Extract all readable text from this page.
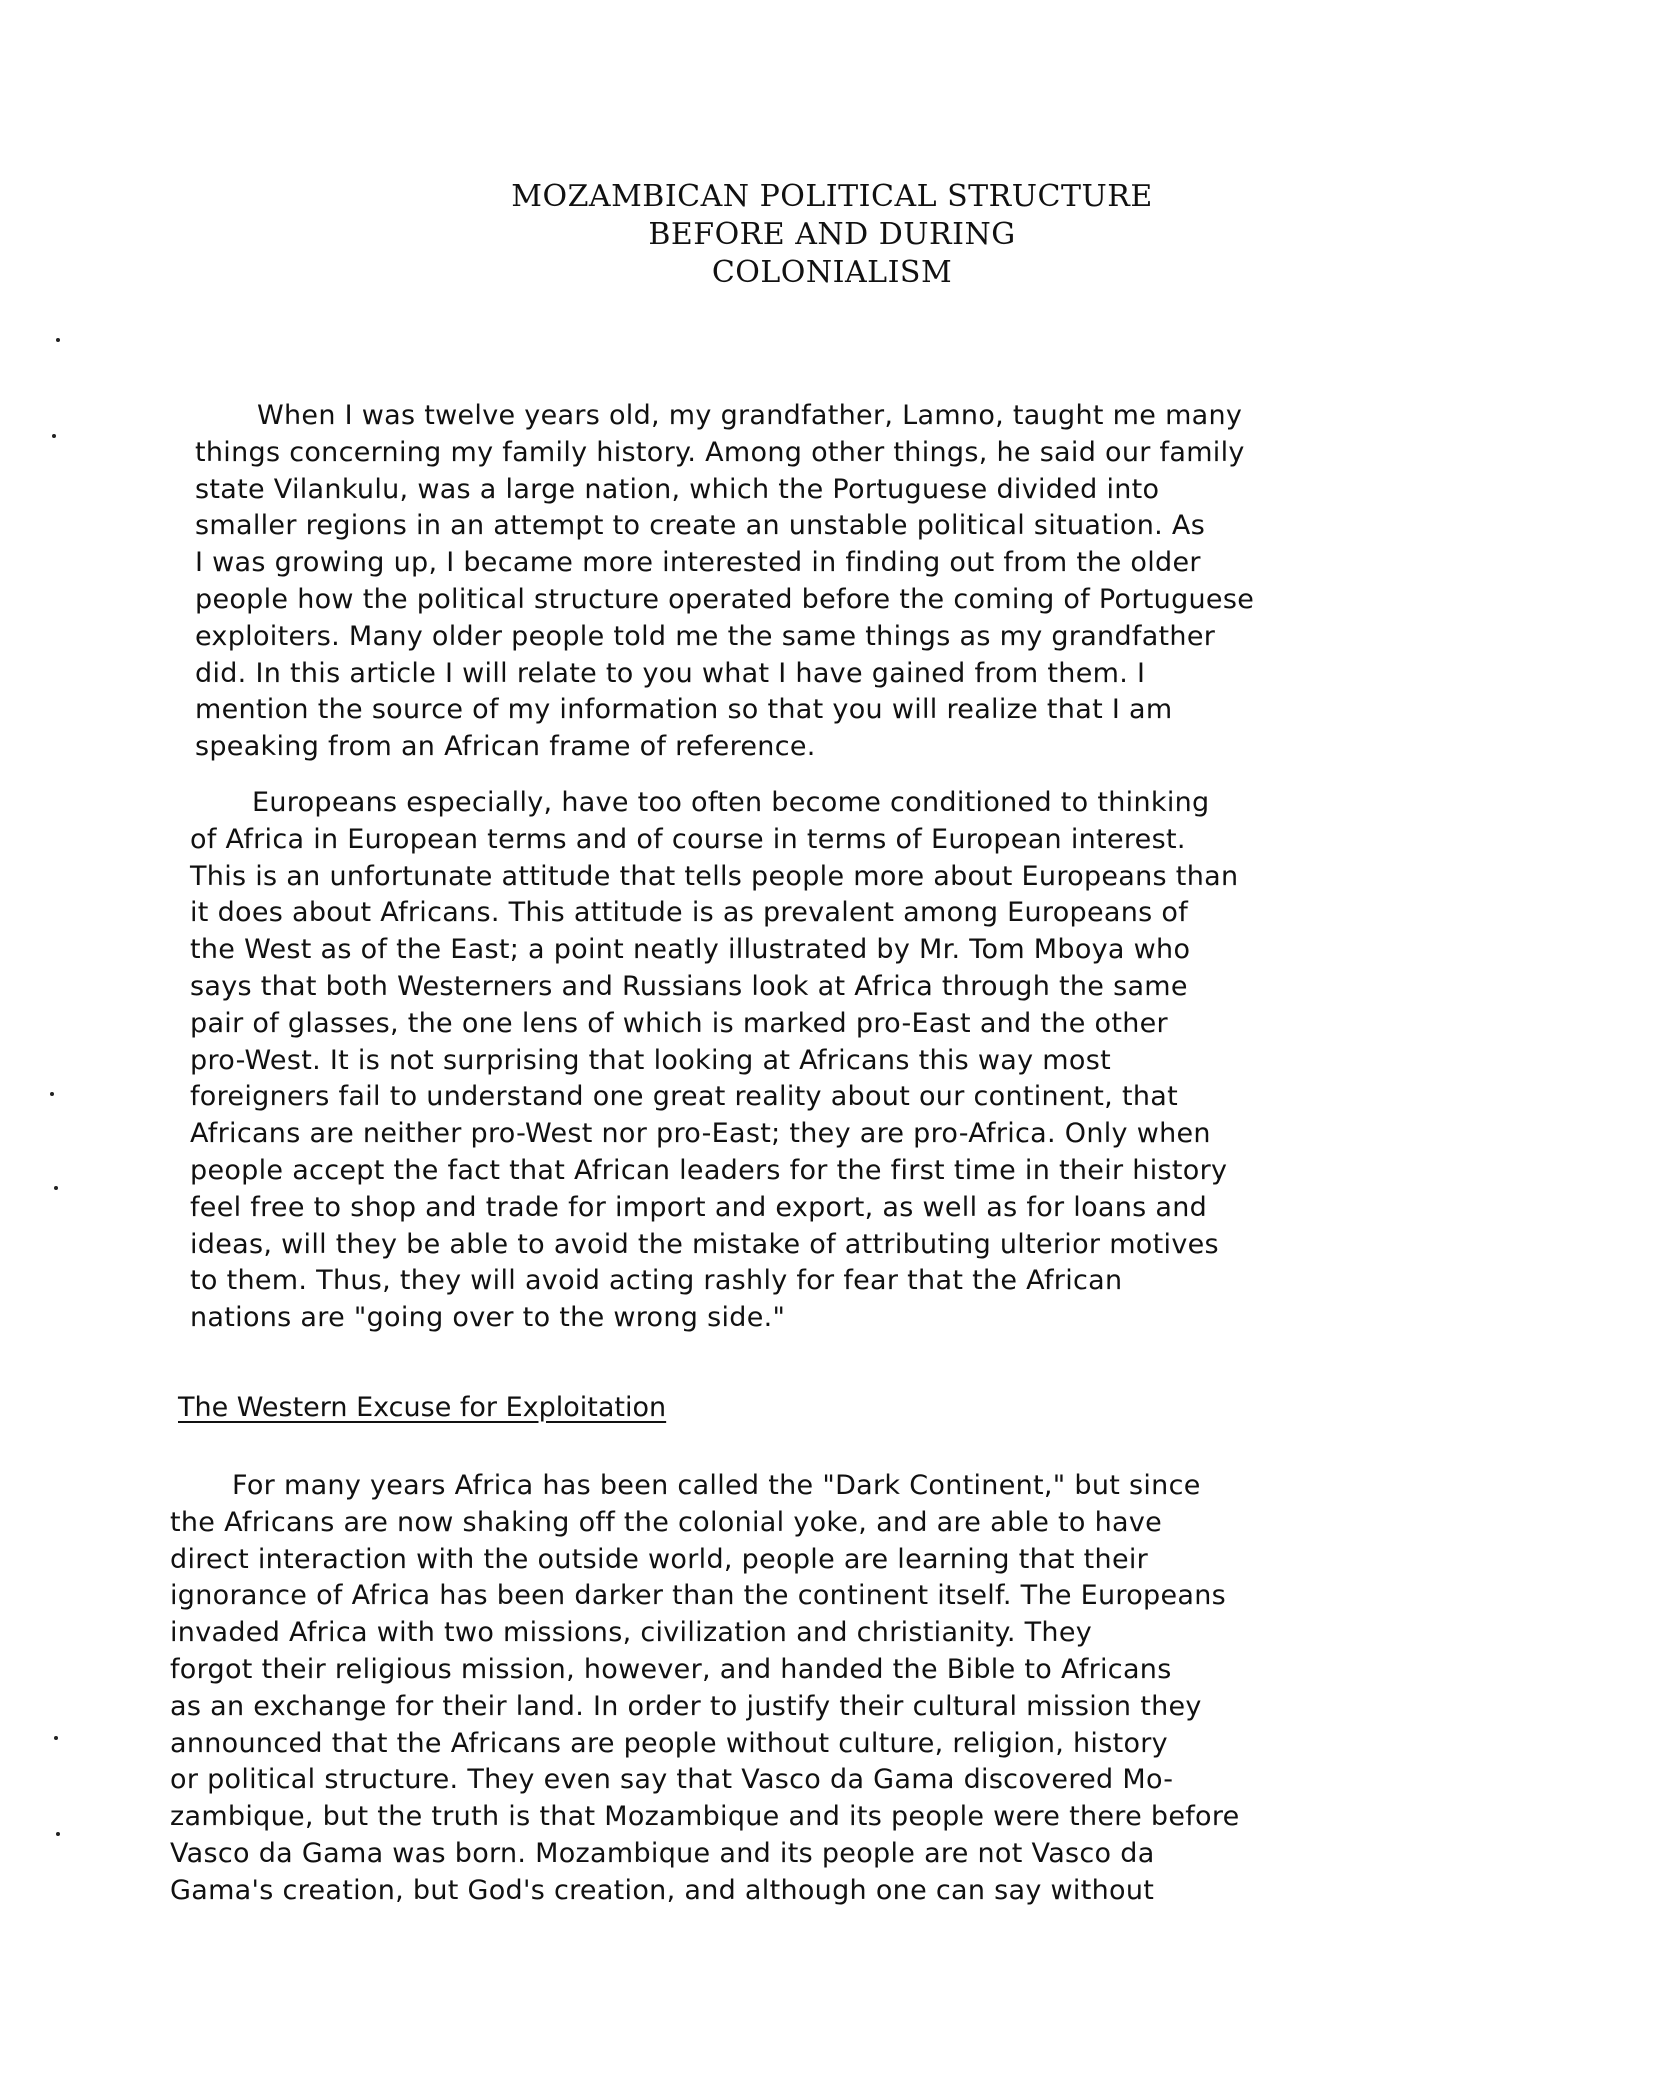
MOZAMBICAN POLITICAL STRUCTURE
BEFORE AND DURING
COLONIALISM
When I was twelve years old, my grandfather, Lamno, taught me many
things concerning my family history. Among other things, he said our family
state Vilankulu, was a large nation, which the Portuguese divided into
smaller regions in an attempt to create an unstable political situation. As
I was growing up, I became more interested in finding out from the older
people how the political structure operated before the coming of Portuguese
exploiters. Many older people told me the same things as my grandfather
did. In this article I will relate to you what I have gained from them. I
mention the source of my information so that you will realize that I am
speaking from an African frame of reference.
Europeans especially, have too often become conditioned to thinking
of Africa in European terms and of course in terms of European interest.
This is an unfortunate attitude that tells people more about Europeans than
it does about Africans. This attitude is as prevalent among Europeans of
the West as of the East; a point neatly illustrated by Mr. Tom Mboya who
says that both Westerners and Russians look at Africa through the same
pair of glasses, the one lens of which is marked pro-East and the other
pro-West. It is not surprising that looking at Africans this way most
foreigners fail to understand one great reality about our continent, that
Africans are neither pro-West nor pro-East; they are pro-Africa. Only when
people accept the fact that African leaders for the first time in their history
feel free to shop and trade for import and export, as well as for loans and
ideas, will they be able to avoid the mistake of attributing ulterior motives
to them. Thus, they will avoid acting rashly for fear that the African
nations are "going over to the wrong side."
The Western Excuse for Exploitation
For many years Africa has been called the "Dark Continent," but since
the Africans are now shaking off the colonial yoke, and are able to have
direct interaction with the outside world, people are learning that their
ignorance of Africa has been darker than the continent itself. The Europeans
invaded Africa with two missions, civilization and christianity. They
forgot their religious mission, however, and handed the Bible to Africans
as an exchange for their land. In order to justify their cultural mission they
announced that the Africans are people without culture, religion, history
or political structure. They even say that Vasco da Gama discovered Mo-
zambique, but the truth is that Mozambique and its people were there before
Vasco da Gama was born. Mozambique and its people are not Vasco da
Gama's creation, but God's creation, and although one can say without
